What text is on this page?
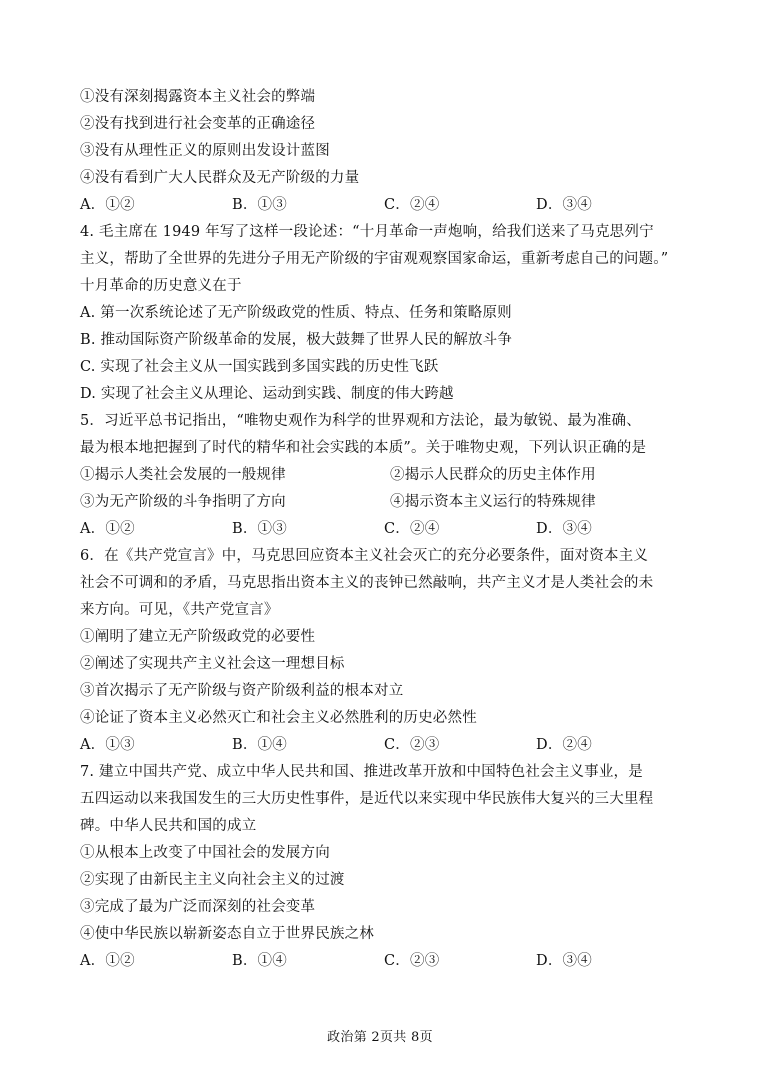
①没有深刻揭露资本主义社会的弊端
②没有找到进行社会变革的正确途径
③没有从理性正义的原则出发设计蓝图
④没有看到广大人民群众及无产阶级的力量
A．①②	B．①③	C．②④	D．③④
4. 毛主席在 1949 年写了这样一段论述：“十月革命一声炮响，给我们送来了马克思列宁
主义，帮助了全世界的先进分子用无产阶级的宇宙观观察国家命运，重新考虑自己的问题。”
十月革命的历史意义在于
A. 第一次系统论述了无产阶级政党的性质、特点、任务和策略原则
B. 推动国际资产阶级革命的发展，极大鼓舞了世界人民的解放斗争
C. 实现了社会主义从一国实践到多国实践的历史性飞跃
D. 实现了社会主义从理论、运动到实践、制度的伟大跨越
5．习近平总书记指出，“唯物史观作为科学的世界观和方法论，最为敏锐、最为准确、
最为根本地把握到了时代的精华和社会实践的本质”。关于唯物史观，下列认识正确的是
①揭示人类社会发展的一般规律	②揭示人民群众的历史主体作用
③为无产阶级的斗争指明了方向	④揭示资本主义运行的特殊规律
A．①②	B．①③	C．②④	D．③④
6．在《共产党宣言》中，马克思回应资本主义社会灭亡的充分必要条件，面对资本主义
社会不可调和的矛盾，马克思指出资本主义的丧钟已然敲响，共产主义才是人类社会的未
来方向。可见，《共产党宣言》
①阐明了建立无产阶级政党的必要性
②阐述了实现共产主义社会这一理想目标
③首次揭示了无产阶级与资产阶级利益的根本对立
④论证了资本主义必然灭亡和社会主义必然胜利的历史必然性
A．①③	B．①④	C．②③	D．②④
7. 建立中国共产党、成立中华人民共和国、推进改革开放和中国特色社会主义事业，是
五四运动以来我国发生的三大历史性事件，是近代以来实现中华民族伟大复兴的三大里程
碑。中华人民共和国的成立
①从根本上改变了中国社会的发展方向
②实现了由新民主主义向社会主义的过渡
③完成了最为广泛而深刻的社会变革
④使中华民族以崭新姿态自立于世界民族之林
A．①②	B．①④	C．②③	D．③④
政治第 2页共 8页
